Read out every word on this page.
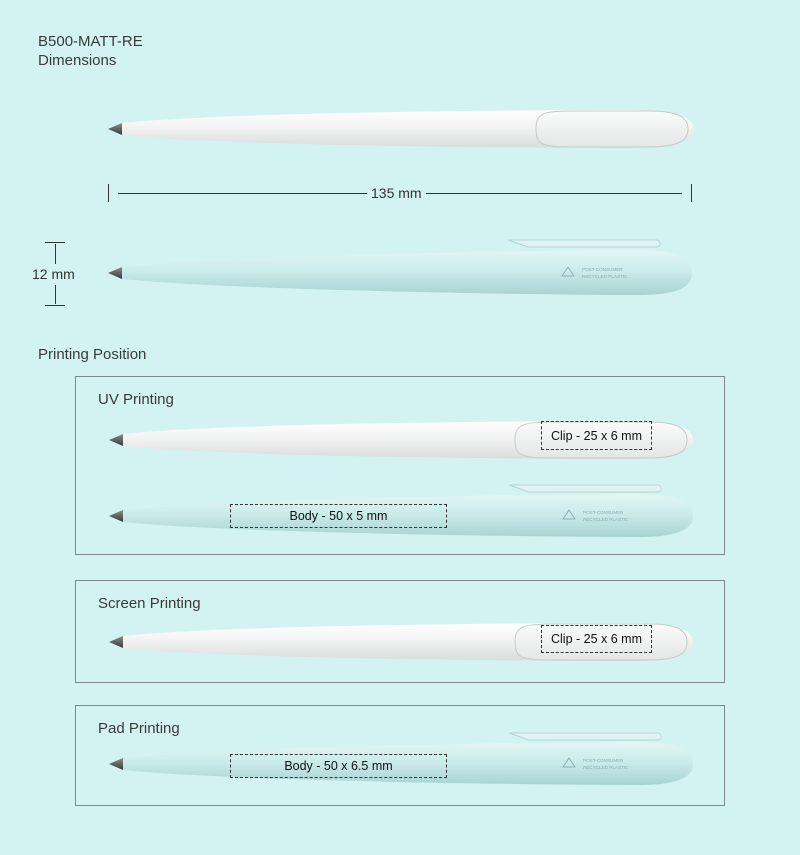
B500-MATT-RE
Dimensions
135 mm
12 mm	POST-CONSUMER
RECYCLED PLASTIC
Printing Position
UV Printing
Clip - 25 x 6 mm
POST-CONSUMER
RECYCLED PLASTIC
Body - 50 x 5 mm
Screen Printing
Clip - 25 x 6 mm
Pad Printing
POST-CONSUMER
RECYCLED PLASTIC
Body - 50 x 6.5 mm
